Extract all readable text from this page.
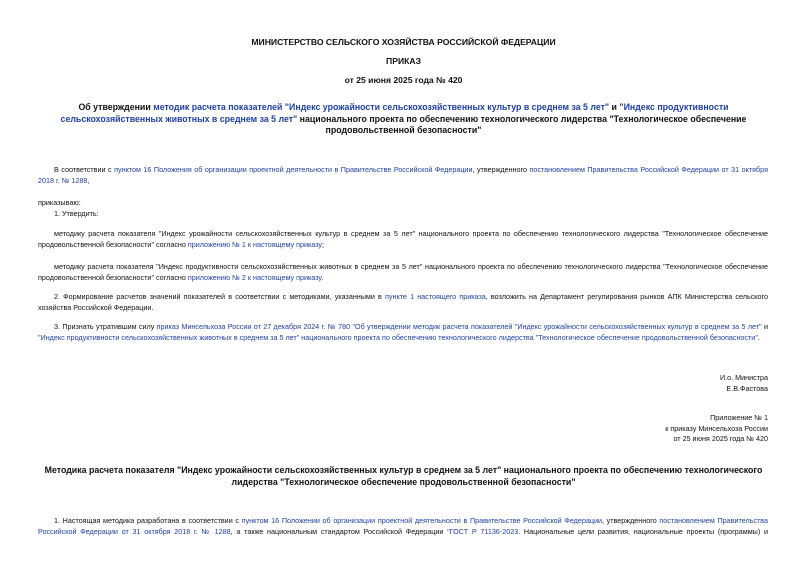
МИНИСТЕРСТВО СЕЛЬСКОГО ХОЗЯЙСТВА РОССИЙСКОЙ ФЕДЕРАЦИИ
ПРИКАЗ
от 25 июня 2025 года № 420
Об утверждении методик расчета показателей "Индекс урожайности сельскохозяйственных культур в среднем за 5 лет" и "Индекс продуктивности
сельскохозяйственных животных в среднем за 5 лет" национального проекта по обеспечению технологического лидерства "Технологическое обеспечение
продовольственной безопасности"
В соответствии с пунктом 16 Положения об организации проектной деятельности в Правительстве Российской Федерации, утвержденного постановлением Правительства Российской Федерации от 31 октября
2018 г. № 1288,
приказываю:
1. Утвердить:
методику расчета показателя "Индекс урожайности сельскохозяйственных культур в среднем за 5 лет" национального проекта по обеспечению технологического лидерства "Технологическое обеспечение
продовольственной безопасности" согласно приложению № 1 к настоящему приказу;
методику расчета показателя "Индекс продуктивности сельскохозяйственных животных в среднем за 5 лет" национального проекта по обеспечению технологического лидерства "Технологическое обеспечение
продовольственной безопасности" согласно приложению № 2 к настоящему приказу.
2. Формирование расчетов значений показателей в соответствии с методиками, указанными в пункте 1 настоящего приказа, возложить на Департамент регулирования рынков АПК Министерства сельского
хозяйства Российской Федерации.
3. Признать утратившим силу приказ Минсельхоза России от 27 декабря 2024 г. № 780 "Об утверждении методик расчета показателей "Индекс урожайности сельскохозяйственных культур в среднем за 5 лет" и
"Индекс продуктивности сельскохозяйственных животных в среднем за 5 лет" национального проекта по обеспечению технологического лидерства "Технологическое обеспечение продовольственной безопасности".
И.о. Министра
Е.В.Фастова
Приложение № 1
к приказу Минсельхоза России
от 25 июня 2025 года № 420
Методика расчета показателя "Индекс урожайности сельскохозяйственных культур в среднем за 5 лет" национального проекта по обеспечению технологического
лидерства "Технологическое обеспечение продовольственной безопасности"
1. Настоящая методика разработана в соответствии с пунктом 16 Положении об организации проектной деятельности в Правительстве Российской Федерации, утвержденного постановлением Правительства
Российской Федерации от 31 октября 2018 г. № 1288, а также национальным стандартом Российской Федерации "ГОСТ Р 71136-2023. Национальные цели развития, национальные проекты (программы) и
